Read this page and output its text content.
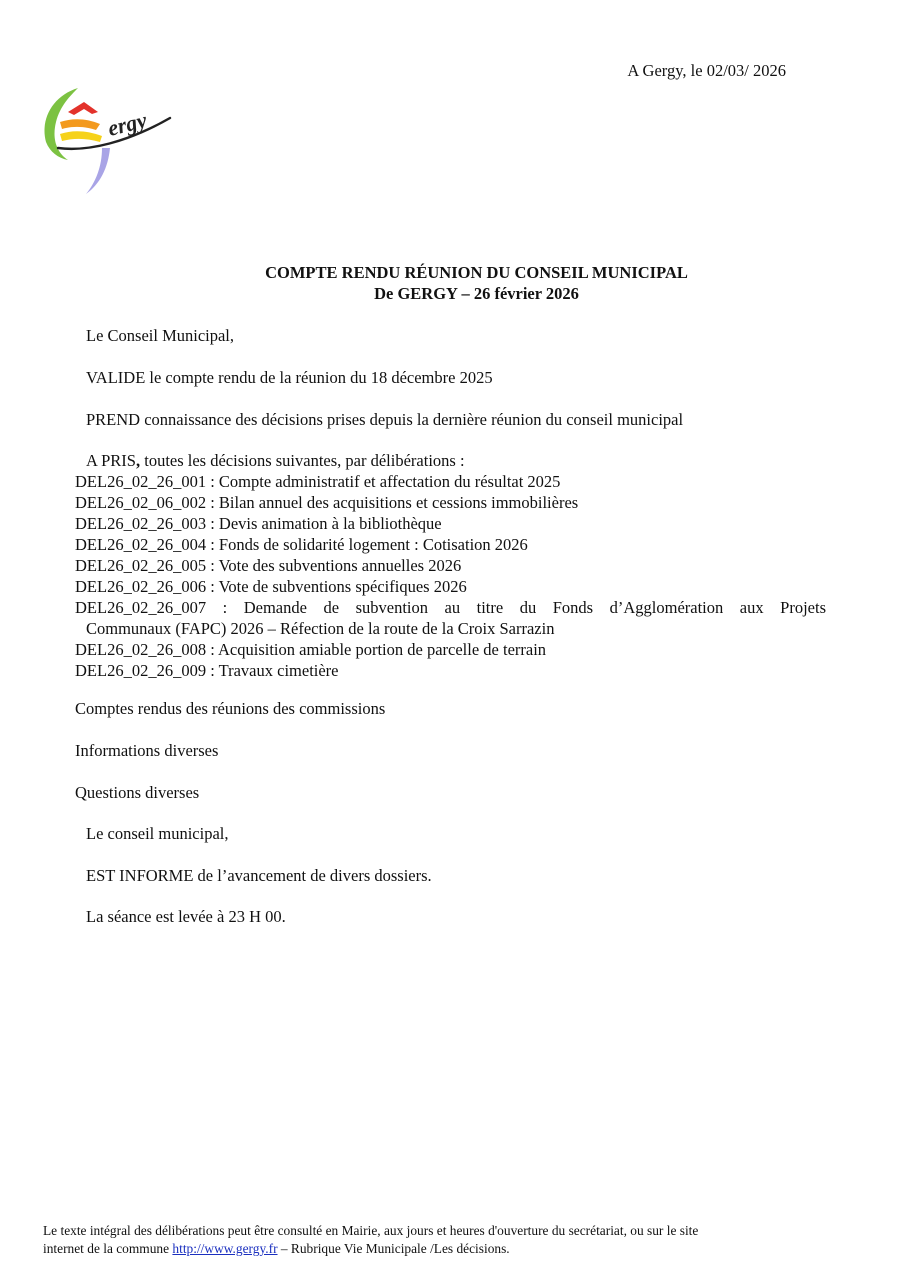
A Gergy, le 02/03/ 2026
ergy
COMPTE RENDU RÉUNION DU CONSEIL MUNICIPAL
De GERGY – 26 février 2026

Le Conseil Municipal,

VALIDE le compte rendu de la réunion du 18 décembre 2025

PREND connaissance des décisions prises depuis la dernière réunion du conseil municipal

A PRIS, toutes les décisions suivantes, par délibérations :

DEL26_02_26_001 : Compte administratif et affectation du résultat 2025
DEL26_02_06_002 : Bilan annuel des acquisitions et cessions immobilières
DEL26_02_26_003 : Devis animation à la bibliothèque
DEL26_02_26_004 : Fonds de solidarité logement : Cotisation 2026
DEL26_02_26_005 : Vote des subventions annuelles 2026
DEL26_02_26_006 : Vote de subventions spécifiques 2026
DEL26_02_26_007 : Demande de subvention au titre du Fonds d’Agglomération aux Projets
Communaux (FAPC) 2026 – Réfection de la route de la Croix Sarrazin
DEL26_02_26_008 : Acquisition amiable portion de parcelle de terrain
DEL26_02_26_009 : Travaux cimetière

Comptes rendus des réunions des commissions

Informations diverses

Questions diverses

Le conseil municipal,

EST INFORME de l’avancement de divers dossiers.

La séance est levée à 23 H 00.

Le texte intégral des délibérations peut être consulté en Mairie, aux jours et heures d'ouverture du secrétariat, ou sur le site
internet de la commune http://www.gergy.fr – Rubrique Vie Municipale /Les décisions.
